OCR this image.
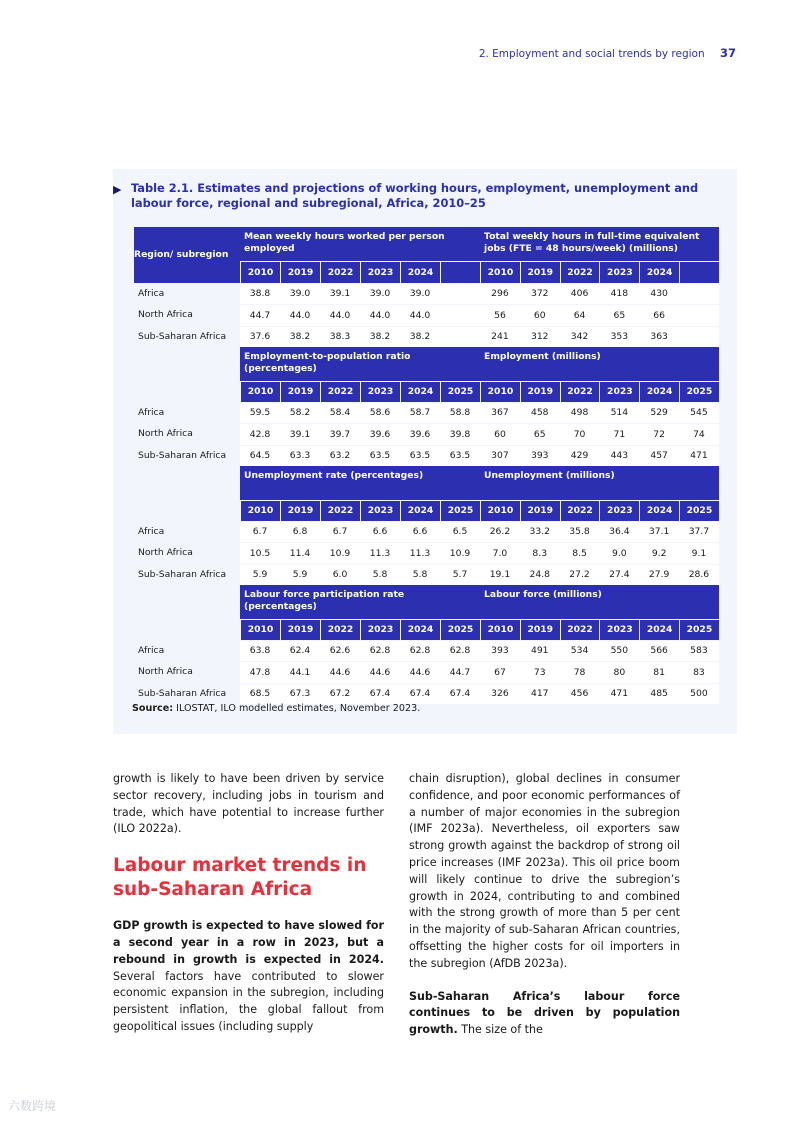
2. Employment and social trends by region 37
▶ Table 2.1. Estimates and projections of working hours, employment, unemployment and labour force, regional and subregional, Africa, 2010–25
Region/ subregion	Mean weekly hours worked per person employed						Total weekly hours in full-time equivalent jobs (FTE = 48 hours/week) (millions)					
	2010	2019	2022	2023	2024		2010	2019	2022	2023	2024	
Africa	38.8	39.0	39.1	39.0	39.0		296	372	406	418	430	
North Africa	44.7	44.0	44.0	44.0	44.0		56	60	64	65	66	
Sub-Saharan Africa	37.6	38.2	38.3	38.2	38.2		241	312	342	353	363	
	Employment-to-population ratio (percentages)						Employment (millions)					
	2010	2019	2022	2023	2024	2025	2010	2019	2022	2023	2024	2025
Africa	59.5	58.2	58.4	58.6	58.7	58.8	367	458	498	514	529	545
North Africa	42.8	39.1	39.7	39.6	39.6	39.8	60	65	70	71	72	74
Sub-Saharan Africa	64.5	63.3	63.2	63.5	63.5	63.5	307	393	429	443	457	471
	Unemployment rate (percentages)						Unemployment (millions)					
	2010	2019	2022	2023	2024	2025	2010	2019	2022	2023	2024	2025
Africa	6.7	6.8	6.7	6.6	6.6	6.5	26.2	33.2	35.8	36.4	37.1	37.7
North Africa	10.5	11.4	10.9	11.3	11.3	10.9	7.0	8.3	8.5	9.0	9.2	9.1
Sub-Saharan Africa	5.9	5.9	6.0	5.8	5.8	5.7	19.1	24.8	27.2	27.4	27.9	28.6
	Labour force participation rate (percentages)						Labour force (millions)					
	2010	2019	2022	2023	2024	2025	2010	2019	2022	2023	2024	2025
Africa	63.8	62.4	62.6	62.8	62.8	62.8	393	491	534	550	566	583
North Africa	47.8	44.1	44.6	44.6	44.6	44.7	67	73	78	80	81	83
Sub-Saharan Africa	68.5	67.3	67.2	67.4	67.4	67.4	326	417	456	471	485	500
Source: ILOSTAT, ILO modelled estimates, November 2023.

growth is likely to have been driven by service sector recovery, including jobs in tourism and trade, which have potential to increase further (ILO 2022a).

Labour market trends in sub-Saharan Africa

GDP growth is expected to have slowed for a second year in a row in 2023, but a rebound in growth is expected in 2024. Several factors have contributed to slower economic expansion in the subregion, including persistent inflation, the global fallout from geopolitical issues (including supply

chain disruption), global declines in consumer confidence, and poor economic performances of a number of major economies in the subregion (IMF 2023a). Nevertheless, oil exporters saw strong growth against the backdrop of strong oil price increases (IMF 2023a). This oil price boom will likely continue to drive the subregion’s growth in 2024, contributing to and combined with the strong growth of more than 5 per cent in the majority of sub-Saharan African countries, offsetting the higher costs for oil importers in the subregion (AfDB 2023a).

Sub-Saharan Africa’s labour force continues to be driven by population growth. The size of the

六数跨境
